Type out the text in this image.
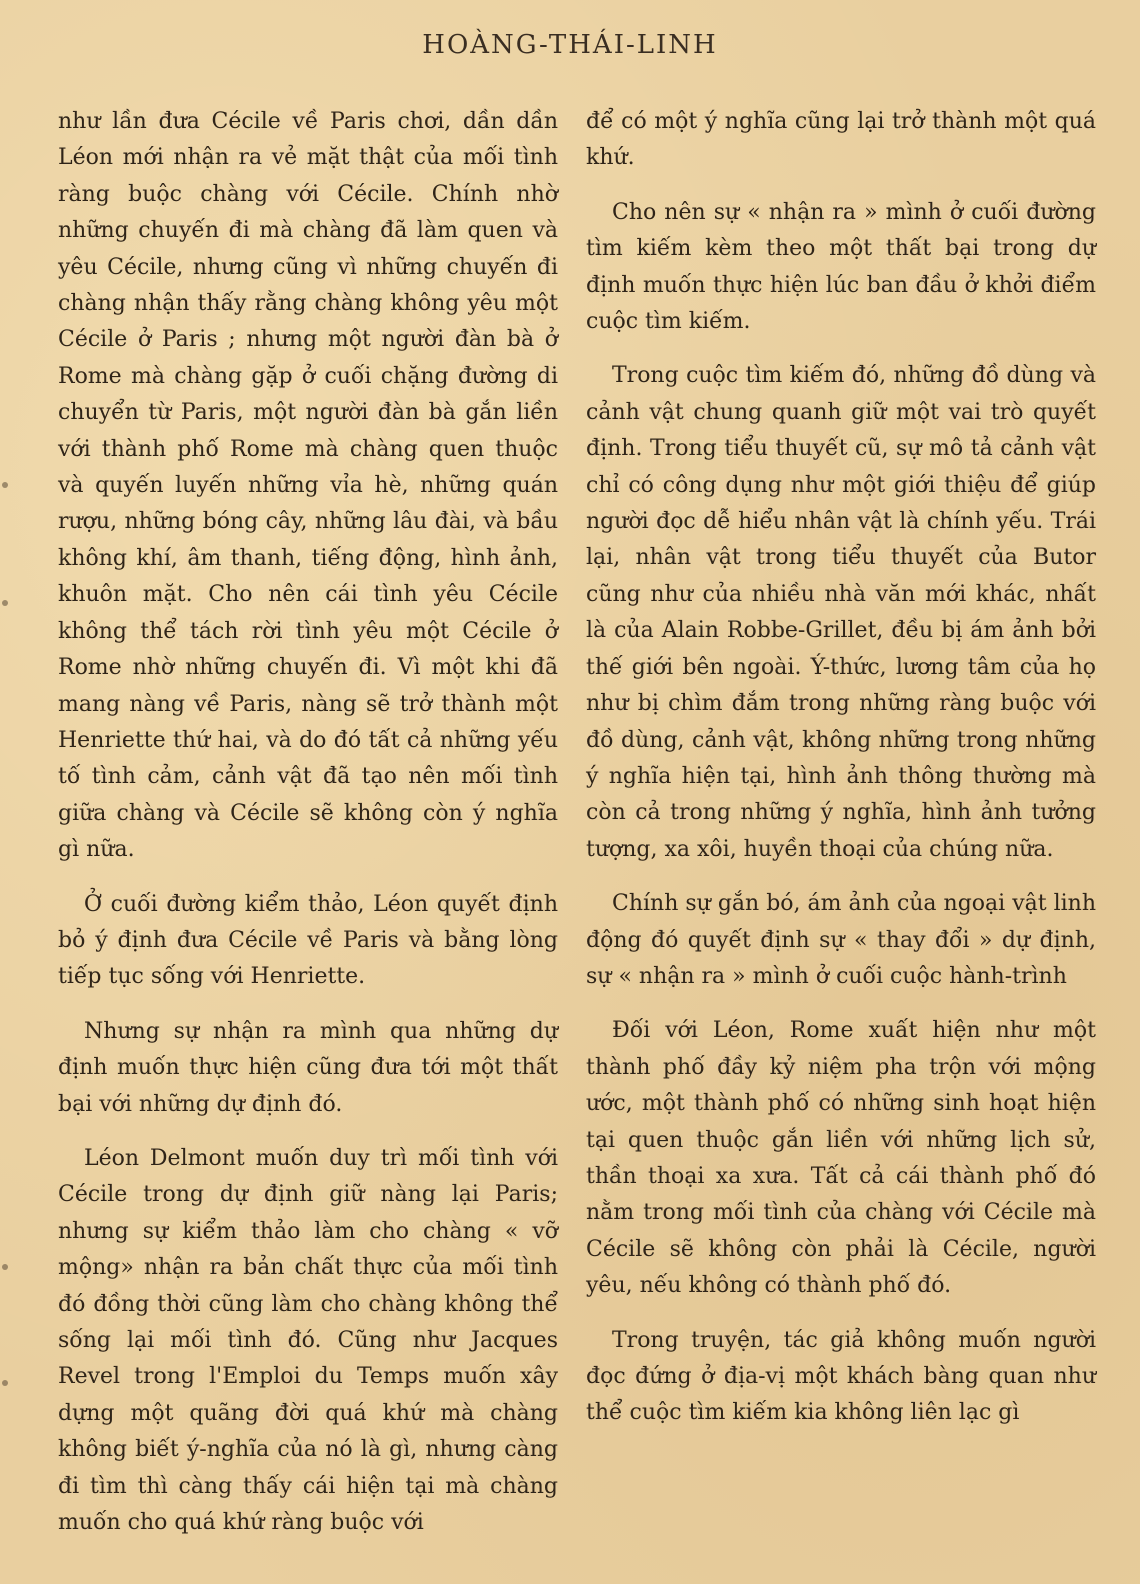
HOÀNG-THÁI-LINH

như lần đưa Cécile về Paris chơi, dần dần Léon mới nhận ra vẻ mặt thật của mối tình ràng buộc chàng với Cécile. Chính nhờ những chuyến đi mà chàng đã làm quen và yêu Cécile, nhưng cũng vì những chuyến đi chàng nhận thấy rằng chàng không yêu một Cécile ở Paris ; nhưng một người đàn bà ở Rome mà chàng gặp ở cuối chặng đường di chuyển từ Paris, một người đàn bà gắn liền với thành phố Rome mà chàng quen thuộc và quyến luyến những vỉa hè, những quán rượu, những bóng cây, những lâu đài, và bầu không khí, âm thanh, tiếng động, hình ảnh, khuôn mặt. Cho nên cái tình yêu Cécile không thể tách rời tình yêu một Cécile ở Rome nhờ những chuyến đi. Vì một khi đã mang nàng về Paris, nàng sẽ trở thành một Henriette thứ hai, và do đó tất cả những yếu tố tình cảm, cảnh vật đã tạo nên mối tình giữa chàng và Cécile sẽ không còn ý nghĩa gì nữa.

Ở cuối đường kiểm thảo, Léon quyết định bỏ ý định đưa Cécile về Paris và bằng lòng tiếp tục sống với Henriette.

Nhưng sự nhận ra mình qua những dự định muốn thực hiện cũng đưa tới một thất bại với những dự định đó.

Léon Delmont muốn duy trì mối tình với Cécile trong dự định giữ nàng lại Paris; nhưng sự kiểm thảo làm cho chàng « vỡ mộng» nhận ra bản chất thực của mối tình đó đồng thời cũng làm cho chàng không thể sống lại mối tình đó. Cũng như Jacques Revel trong l'Emploi du Temps muốn xây dựng một quãng đời quá khứ mà chàng không biết ý-nghĩa của nó là gì, nhưng càng đi tìm thì càng thấy cái hiện tại mà chàng muốn cho quá khứ ràng buộc với

để có một ý nghĩa cũng lại trở thành một quá khứ.

Cho nên sự « nhận ra » mình ở cuối đường tìm kiếm kèm theo một thất bại trong dự định muốn thực hiện lúc ban đầu ở khởi điểm cuộc tìm kiếm.

Trong cuộc tìm kiếm đó, những đồ dùng và cảnh vật chung quanh giữ một vai trò quyết định. Trong tiểu thuyết cũ, sự mô tả cảnh vật chỉ có công dụng như một giới thiệu để giúp người đọc dễ hiểu nhân vật là chính yếu. Trái lại, nhân vật trong tiểu thuyết của Butor cũng như của nhiều nhà văn mới khác, nhất là của Alain Robbe-Grillet, đều bị ám ảnh bởi thế giới bên ngoài. Ý-thức, lương tâm của họ như bị chìm đắm trong những ràng buộc với đồ dùng, cảnh vật, không những trong những ý nghĩa hiện tại, hình ảnh thông thường mà còn cả trong những ý nghĩa, hình ảnh tưởng tượng, xa xôi, huyền thoại của chúng nữa.

Chính sự gắn bó, ám ảnh của ngoại vật linh động đó quyết định sự « thay đổi » dự định, sự « nhận ra » mình ở cuối cuộc hành-trình

Đối với Léon, Rome xuất hiện như một thành phố đầy kỷ niệm pha trộn với mộng ước, một thành phố có những sinh hoạt hiện tại quen thuộc gắn liền với những lịch sử, thần thoại xa xưa. Tất cả cái thành phố đó nằm trong mối tình của chàng với Cécile mà Cécile sẽ không còn phải là Cécile, người yêu, nếu không có thành phố đó.

Trong truyện, tác giả không muốn người đọc đứng ở địa-vị một khách bàng quan như thể cuộc tìm kiếm kia không liên lạc gì
